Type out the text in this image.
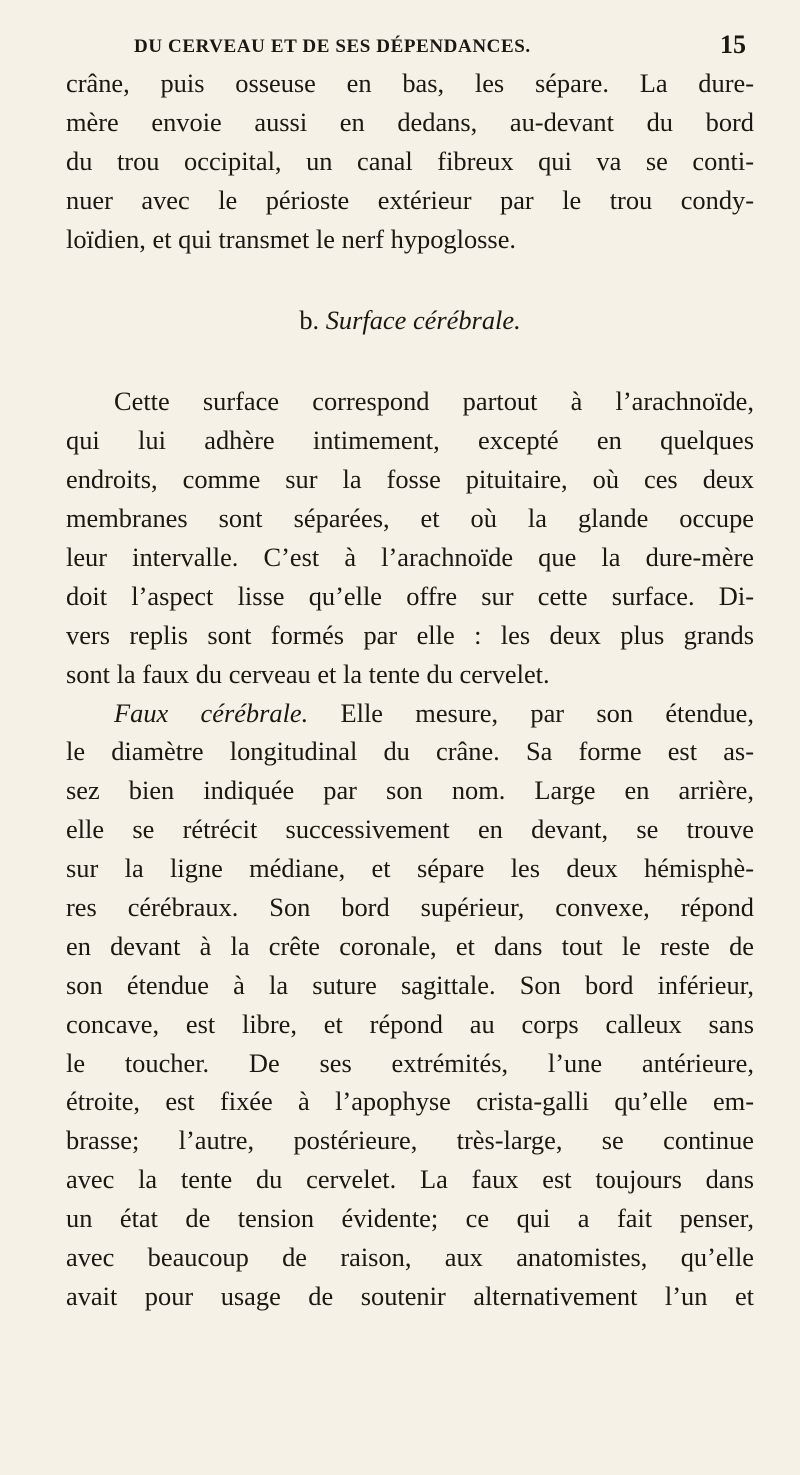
DU CERVEAU ET DE SES DÉPENDANCES.	15
crâne, puis osseuse en bas, les sépare. La dure-
mère envoie aussi en dedans, au-devant du bord
du trou occipital, un canal fibreux qui va se conti-
nuer avec le périoste extérieur par le trou condy-
loïdien, et qui transmet le nerf hypoglosse.
b. Surface cérébrale.
Cette surface correspond partout à l’arachnoïde,
qui lui adhère intimement, excepté en quelques
endroits, comme sur la fosse pituitaire, où ces deux
membranes sont séparées, et où la glande occupe
leur intervalle. C’est à l’arachnoïde que la dure-mère
doit l’aspect lisse qu’elle offre sur cette surface. Di-
vers replis sont formés par elle : les deux plus grands
sont la faux du cerveau et la tente du cervelet.
Faux cérébrale. Elle mesure, par son étendue,
le diamètre longitudinal du crâne. Sa forme est as-
sez bien indiquée par son nom. Large en arrière,
elle se rétrécit successivement en devant, se trouve
sur la ligne médiane, et sépare les deux hémisphè-
res cérébraux. Son bord supérieur, convexe, répond
en devant à la crête coronale, et dans tout le reste de
son étendue à la suture sagittale. Son bord inférieur,
concave, est libre, et répond au corps calleux sans
le toucher. De ses extrémités, l’une antérieure,
étroite, est fixée à l’apophyse crista-galli qu’elle em-
brasse; l’autre, postérieure, très-large, se continue
avec la tente du cervelet. La faux est toujours dans
un état de tension évidente; ce qui a fait penser,
avec beaucoup de raison, aux anatomistes, qu’elle
avait pour usage de soutenir alternativement l’un et
